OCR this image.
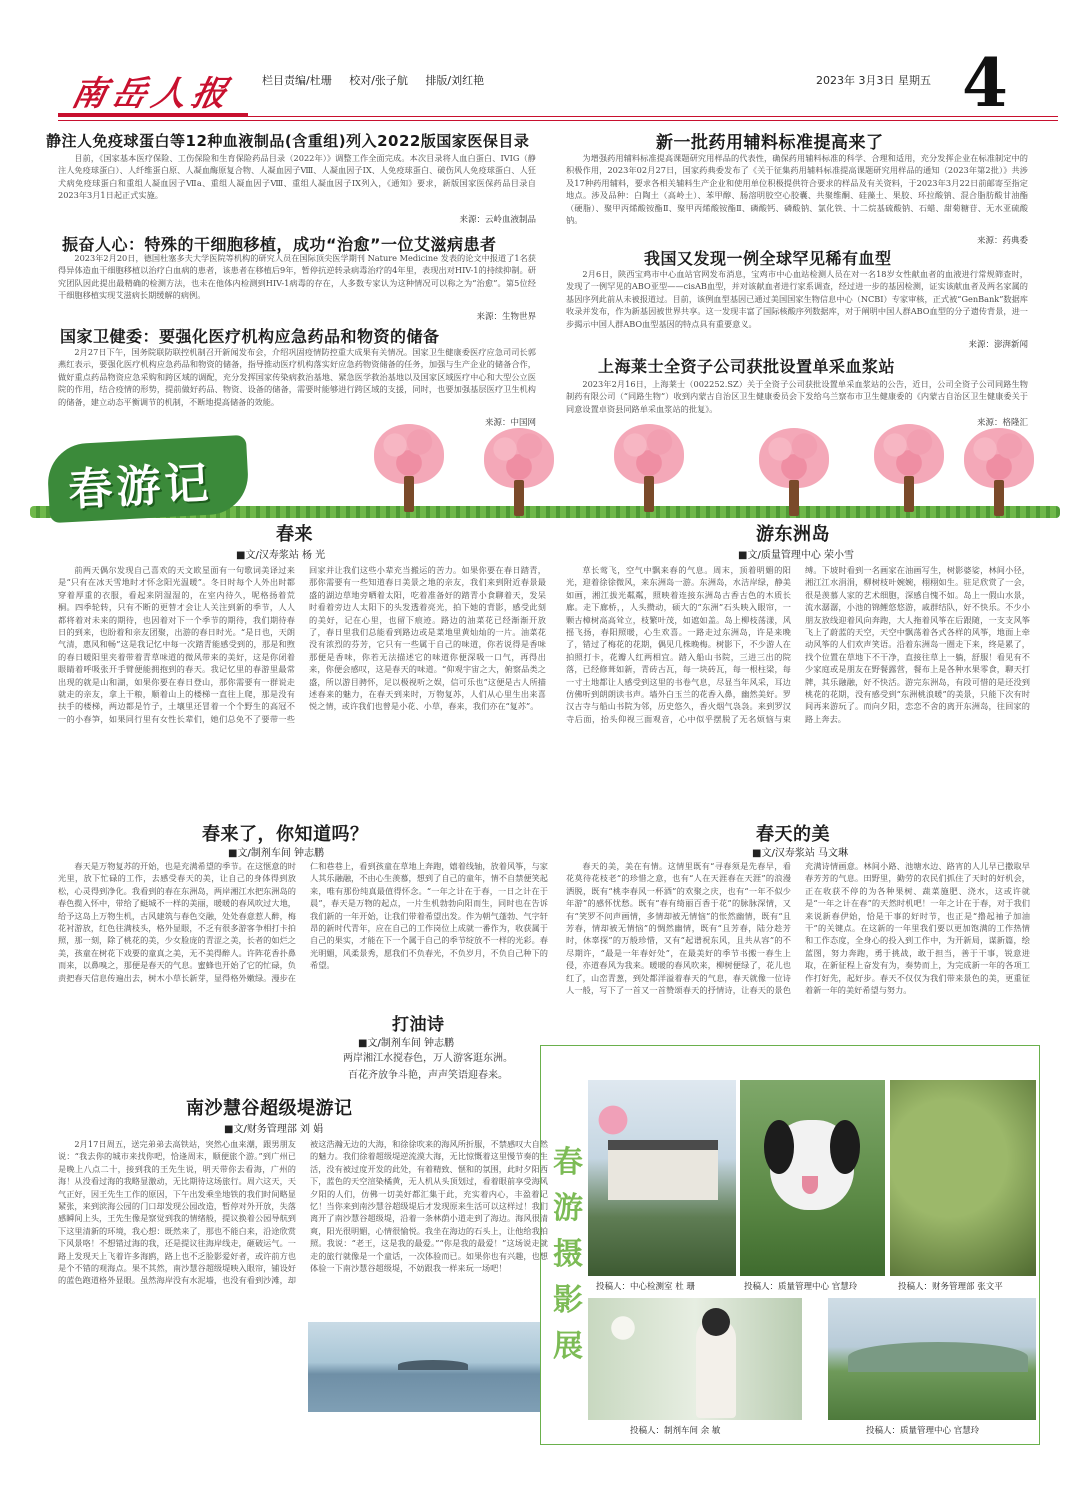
南岳人报 栏目责编/杜珊 校对/张子航 排版/刘红艳	2023年 3月3日 星期五 4
静注人免疫球蛋白等12种血液制品(含重组)列入2022版国家医保目录
目前，《国家基本医疗保险、工伤保险和生育保险药品目录（2022年）》调整工作全面完成。本次目录将人血白蛋白、IVIG（静注人免疫球蛋白）、人纤维蛋白原、人凝血酶原复合物、人凝血因子Ⅷ、人凝血因子IX、人免疫球蛋白、破伤风人免疫球蛋白、人狂犬病免疫球蛋白和重组人凝血因子Ⅶa、重组人凝血因子Ⅷ、重组人凝血因子IX列入，《通知》要求，新版国家医保药品目录自2023年3月1日起正式实施。
来源：云岭血液制品
振奋人心：特殊的干细胞移植，成功“治愈”一位艾滋病患者
2023年2月20日，德国杜塞多夫大学医院等机构的研究人员在国际顶尖医学期刊 Nature Medicine 发表的论文中报道了1名获得异体造血干细胞移植以治疗白血病的患者，该患者在移植后9年，暂停抗逆转录病毒治疗的4年里，表现出对HIV-1的持续抑制。研究团队因此提出最精确的检测方法，也未在他体内检测到HIV-1病毒的存在，人多数专家认为这种情况可以称之为“治愈”。第5位经干细胞移植实现艾滋病长期缓解的病例。
来源：生物世界
国家卫健委：要强化医疗机构应急药品和物资的储备
2月27日下午，国务院联防联控机制召开新闻发布会，介绍巩固疫情防控重大成果有关情况。国家卫生健康委医疗应急司司长郭燕红表示，要强化医疗机构应急药品和物资的储备，指导推动医疗机构落实好应急药物资储备的任务，加强与生产企业的储备合作，做好重点药品物资应急采购和跨区域的调配，充分发挥国家传染病救治基地、紧急医学救治基地以及国家区域医疗中心和大型公立医院的作用，结合疫情的形势，提前做好药品、物资、设备的储备，需要时能够进行跨区域的支援，同时，也要加强基层医疗卫生机构的储备，建立动态平衡调节的机制，不断地提高储备的效能。
来源：中国网
新一批药用辅料标准提高来了
为增强药用辅料标准提高课题研究用样品的代表性，确保药用辅料标准的科学、合理和适用，充分发挥企业在标准制定中的积极作用，2023年02月27日，国家药典委发布了《关于征集药用辅料标准提高课题研究用样品的通知（2023年第2批）》共涉及17种药用辅料，要求各相关辅料生产企业和使用单位积极提供符合要求的样品及有关资料，于2023年3月22日前邮寄至指定地点。涉及品种：白陶土（高岭土）、苯甲醇、肠溶明胶空心胶囊、共聚维酮、硅藻土、果胶、环拉酸钠、混合脂肪酸甘油酯（硬脂）、聚甲丙烯酸铵酯Ⅱ、聚甲丙烯酸铵酯Ⅱ、磷酸钙、磷酸钠、氯化铁、十二烷基硫酸钠、石蜡、甜菊糖苷、无水亚硫酸钠。
来源：药典委
我国又发现一例全球罕见稀有血型
2月6日，陕西宝鸡市中心血站官网发布消息，宝鸡市中心血站检测人员在对一名18岁女性献血者的血液进行常规筛查时，发现了一例罕见的ABO亚型——cisAB血型，并对该献血者进行家系调查，经过进一步的基因检测，证实该献血者及两名家属的基因序列此前从未被报道过。目前，该例血型基因已通过美国国家生物信息中心（NCBI）专家审核，正式被“GenBank”数据库收录并发布，作为新基因被世界共享。这一发现丰富了国际核酸序列数据库，对于阐明中国人群ABO血型的分子遗传背景，进一步揭示中国人群ABO血型基因的特点具有重要意义。
来源：澎湃新闻
上海莱士全资子公司获批设置单采血浆站
2023年2月16日，上海莱士（002252.SZ）关于全资子公司获批设置单采血浆站的公告，近日，公司全资子公司同路生物制药有限公司（“同路生物”）收到内蒙古自治区卫生健康委员会下发给乌兰察布市卫生健康委的《内蒙古自治区卫生健康委关于同意设置卓资县同路单采血浆站的批复》。
来源：格隆汇
春游记
春来
■文/汉寿浆站 杨 光
前两天偶尔发现自己喜欢的天文欧星面有一句歌词美译过来是“只有在冰天雪地时才怀念阳光温暖”。冬日时每个人外出时都穿着厚重的衣服，看起来阴湿湿的，在室内待久，呢格扬着荒桐。四季轮转，只有不断的更替才会让人关注到新的季节，人人都将着对未来的期待，也因着对下一个季节的期待，我们期待春日的到来，也盼着和亲友团聚，出游的春日时光。“是日也，天朗气清，惠风和畅”这是我记忆中每一次踏青能感受到的，那是和煦的春日暖阳里夹着带着青草味道的微风带来的美好，这是你闭着眼睛着呼吸张开手臂便能拥抱到的春天。我记忆里的春游里最常出现的就是山和湖，如果你要在春日登山，那你需要有一群说走就走的亲友，拿上干粮，顺着山上的楼梯一直往上爬，那是没有扶手的楼梯，两边都是竹子，土壤里还冒着一个个野生的高冠不一的小春笋，如果同行里有女性长辈们，她们总免不了要带一些回家并让我们这些小辈充当搬运的苦力。如果你要在春日踏青，那你需要有一些知道春日美景之地的亲友，我们来到附近春景最盛的湖边草地旁晒着太阳，吃着准备好的踏青小食聊着天，发呆时看着旁边人太阳下的头发透着亮光，拍下她的背影，感受此刻的美好，记在心里，也留下痕迹。路边的油菜花已经渐渐开放了，春日里我们总能看到路边或是菜地里黄灿灿的一片。油菜花没有浓烈的芬芳，它只有一些属于自己的味道，你若说得是香味那便是香味，你若无法描述它的味道你便深吸一口气，再得出来，你便会感叹，这是春天的味道。“仰观宇宙之大，俯察品类之盛，所以游目骋怀，足以极视听之娱，信可乐也”这便是古人所描述春来的魅力，在春天到来时，万物复苏，人们从心里生出来喜悦之情，或许我们也曾是小花、小草，春来，我们亦在“复苏”。
游东洲岛
■文/质量管理中心 荣小雪
草长莺飞，空气中飘来春的气息。周末，顶着明媚的阳光，迎着徐徐微风，来东洲岛一游。东洲岛，水洁岸绿，静美如画，湘江拔光粼粼，照映着连接东洲岛古香古色的木质长廊。走下廊桥，，人头攒动，硕大的“东洲”石头映入眼帘，一颗古樟树高高耸立，枝繁叶茂，如遮如盖。岛上柳枝荡漾，风摇飞扬，春阳照暖，心生欢喜。一路走过东洲岛，许是来晚了，错过了梅花的花期，偶见几株晚梅。树影下，不少游人在拍照打卡，花瓣人红两相宜。踏入船山书院，三进三出的院落，已经修葺如新，青砖古瓦，每一块砖瓦，每一根柱梁，每一寸土地都让人感受到这里的书卷气息，尽显当年风采，耳边仿佛听到朗朗读书声。墙外白玉兰的花香入鼻，幽然美好。罗汉古寺与船山书院为邻，历史悠久，香火烟气袅袅。来到罗汉寺后面，抬头仰视三面观音，心中似乎摆脱了无名烦恼与束缚。下坡时看到一名画家在油画写生，树影婆娑，林间小径，湘江江水涓涓，柳树枝叶婉婉，栩栩如生。驻足欣赏了一会，很是羡慕人家的艺术细胞，深感自愧不如。岛上一假山水景，流水潺潺，小池的锦鲤悠悠游，戚群结队，好不快乐。不少小朋友放线迎着风向奔跑，大人拖着风筝在后跟随，一支支风筝飞上了蔚蓝的天空，天空中飘荡着各式各样的风筝，地面上牵动风筝的人们欢声笑语。沿着东洲岛一圈走下来，终是累了，找个位置在草地下不干净，直接往草上一躺，舒服！看见有不少家庭或是朋友在野餐露营，餐布上是各种水果零食，聊天打牌，其乐融融，好不快活。游完东洲岛，有段可惜的是还没到桃花的花期，没有感受到“东洲桃浪暖”的美景，只能下次有时间再来游玩了。而向夕阳，恋恋不舍的离开东洲岛，往回家的路上奔去。
春来了，你知道吗？
■文/制剂车间 钟志鹏
春天是万物复苏的开始，也是充满希望的季节。在这惬意的时光里，放下忙碌的工作，去感受春天的美，让自己的身体得到放松，心灵得到净化。我看到的春在东洲岛，两岸湘江水把东洲岛的春色揽入怀中，带给了蜓城不一样的美丽，暖暖的春风吹过大地，给予这岛上万物生机，古风建筑与春色交融，处处春意惹人醉，梅花衬游放，红色往满枝头，格外显眼，不乏有很多游客争相打卡拍照，那一刻，除了桃花的美，少女脸庞的青涩之美，长者的如烂之美，孩童在树花下戏要的童真之美，无不美得醉人。许阵花香扑鼻而来，以鼻嗅之，那便是春天的气息。蜜蜂也开始了它的忙碌，负责把春天信息传遍出去，树木小草长新芽，显得格外嫩绿。漫步在仁和巷巷上，看到孩童在草地上奔跑，嬉着线轴，放着风筝，与家人其乐融融，不由心生羡慕，想到了自己的童年，情不自禁便笑起来，唯有那份纯真最值得怀念。“一年之计在于春，一日之计在于晨”，春天是万物的起点，一片生机勃勃向阳而生，同时也在告诉我们新的一年开始，让我们带着希望出发。作为朝气蓬勃、气字轩昂的新时代青年，应在自己的工作岗位上成就一番作为，收获属于自己的果实，才能在下一个属于自己的季节绽放不一样的光彩。春光明媚，风柔景秀，愿我们不负春光，不负岁月，不负自己种下的希望。
打油诗
■文/制剂车间 钟志鹏
两岸湘江水搅春色，万人游客逛东洲。
百花齐放争斗艳，声声笑语迎春来。
春天的美
■文/汉寿浆站 马文琳
春天的美，美在有情。这情里既有“寻春须是先春早，看花莫待花枝老”的珍惜之意，也有“人在天涯春在天涯”的浪漫洒脱，既有“桃李春风一杯酒”的欢聚之庆，也有“一年不似少年游”的感怀忧愁。既有“春有绮丽百香于花”的脉脉深情，又有“笑罗不问声画情，多情却被无情恼”的怅然幽情，既有“且芳春，情却被无情恼”的惆然幽情，既有“且芳春，陆分趁芳时，休辜探”的万般珍惜，又有“起谱祝东风，且共从容”的不尽期许，“最是一年春好处”，在最美好的季节书搬一春生上侵，亦道春风为我来。暖暖的春风吹来，柳树便绿了，花儿也红了，山峦青葱，到处都洋溢着春天的气息，春天就像一位诗人一般，写下了一首又一首赞颂春天的抒情诗，让春天的景色充满诗情画意。林间小路、池塘水边、路宵的人儿早已撒取早春芳芳的气息。田野里，勤劳的农民们抓住了天时的好机会，正在收获不停的为各种果树、蔬菜施肥、浇水，这或许就是“一年之计在春”的天然时机吧！一年之计在于春，对于我们来说新春伊始，恰是干事的好时节，也正是“撸起袖子加油干”的关键点。在这新的一年里我们要以更加饱满的工作热情和工作态度，全身心的投入到工作中，为开新局，谋新篇，绘蓝图，努力奔跑，勇于挑战，敢于担当，善于干事，锐意进取，在新征程上奋发有为，奏势而上，为完成新一年的各项工作打好先，起好步。春天不仅仅为我们带来景色的美，更重征着新一年的美好希望与努力。
南沙慧谷超级堤游记
■文/财务管理部 刘 娟
2月17日周五，送完弟弟去高铁站，突然心血来潮，跟男朋友说：“我去你的城市来找你吧，恰逢周末，顺便旅个游。”到广州已是晚上八点二十，接到我的王先生说，明天带你去看海，广州的海！从没看过海的我略显激动，无比期待这场旅行。周六这天，天气正好，因王先生工作的原因，下午出发乘坐地铁的我们时间略显紧张，来到滨海公园的门口却发现公园改造，暂停对外开放，失落感瞬间上头，王先生像是察觉到我的情绪般，提议换着公园导航到下这里清新的环境，我心想：既然来了，那也不能白来，沿途欣赏下风景咯！不想错过海的我，还是提议往海岸线走，砸破运气。一路上发现天上飞着许多海鸥，路上也不乏脸影爱好者，或许前方也是个不错的观海点。果不其然，南沙慧谷超级堤映入眼帘，铺设好的蓝色跑道格外显眼。虽然海岸没有水泥墙，也没有看到沙滩，却被这浩瀚无边的大海，和徐徐吹来的海风所折服，不禁感叹大自然的魅力。我们徐着超级堤逆流漠大海，无比惊慨着这里慢节奏的生活，没有被过度开发的此处，有着精致、惬和的氛围，此时夕阳西下，蓝色的天空渲染橘黄，无人机从头顶划过，看着眼前享受海风夕阳的人们，仿佛一切美好都汇集于此，充实着内心，丰盈着记忆！当你来到南沙慧谷超级堤后才发现原来生活可以这样过！我们离开了南沙慧谷超级堤，沿着一条林荫小道走到了海边。海风很清爽，阳光很明媚，心情很愉悦。我坐在海边的石头上，让他给我拍照。我说：“老王，这是我的最爱。”“你是我的最爱！”这场说走就走的旅行就像是一个童话，一次体验而已。如果你也有兴趣，也想体验一下南沙慧谷超级堤，不妨跟我一样来玩一场吧！
春游摄影展
投稿人：中心检测室 杜 珊	投稿人：质量管理中心 官慧玲	投稿人：财务管理部 张文平
投稿人：制剂车间 余 敏	投稿人：质量管理中心 官慧玲
